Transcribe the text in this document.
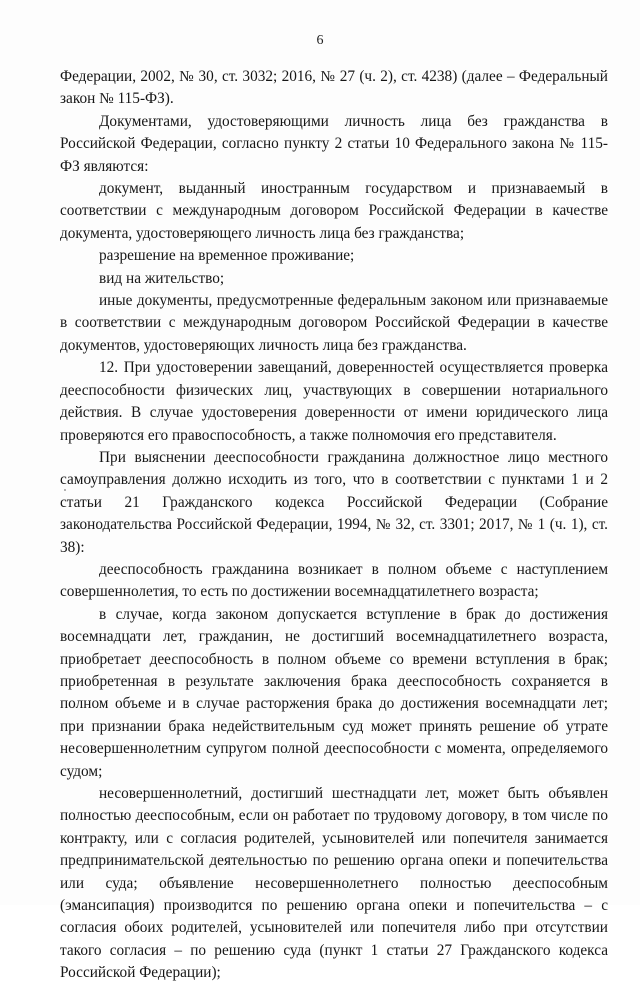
6

Федерации, 2002, № 30, ст. 3032; 2016, № 27 (ч. 2), ст. 4238) (далее – Федеральный закон № 115-ФЗ).

Документами, удостоверяющими личность лица без гражданства в Российской Федерации, согласно пункту 2 статьи 10 Федерального закона № 115-ФЗ являются:

документ, выданный иностранным государством и признаваемый в соответствии с международным договором Российской Федерации в качестве документа, удостоверяющего личность лица без гражданства;

разрешение на временное проживание;

вид на жительство;

иные документы, предусмотренные федеральным законом или признаваемые в соответствии с международным договором Российской Федерации в качестве документов, удостоверяющих личность лица без гражданства.

12. При удостоверении завещаний, доверенностей осуществляется проверка дееспособности физических лиц, участвующих в совершении нотариального действия. В случае удостоверения доверенности от имени юридического лица проверяются его правоспособность, а также полномочия его представителя.

При выяснении дееспособности гражданина должностное лицо местного самоуправления должно исходить из того, что в соответствии с пунктами 1 и 2 статьи 21 Гражданского кодекса Российской Федерации (Собрание законодательства Российской Федерации, 1994, № 32, ст. 3301; 2017, № 1 (ч. 1), ст. 38):

дееспособность гражданина возникает в полном объеме с наступлением совершеннолетия, то есть по достижении восемнадцатилетнего возраста;

в случае, когда законом допускается вступление в брак до достижения восемнадцати лет, гражданин, не достигший восемнадцатилетнего возраста, приобретает дееспособность в полном объеме со времени вступления в брак; приобретенная в результате заключения брака дееспособность сохраняется в полном объеме и в случае расторжения брака до достижения восемнадцати лет; при признании брака недействительным суд может принять решение об утрате несовершеннолетним супругом полной дееспособности с момента, определяемого судом;

несовершеннолетний, достигший шестнадцати лет, может быть объявлен полностью дееспособным, если он работает по трудовому договору, в том числе по контракту, или с согласия родителей, усыновителей или попечителя занимается предпринимательской деятельностью по решению органа опеки и попечительства или суда; объявление несовершеннолетнего полностью дееспособным (эмансипация) производится по решению органа опеки и попечительства – с согласия обоих родителей, усыновителей или попечителя либо при отсутствии такого согласия – по решению суда (пункт 1 статьи 27 Гражданского кодекса Российской Федерации);
